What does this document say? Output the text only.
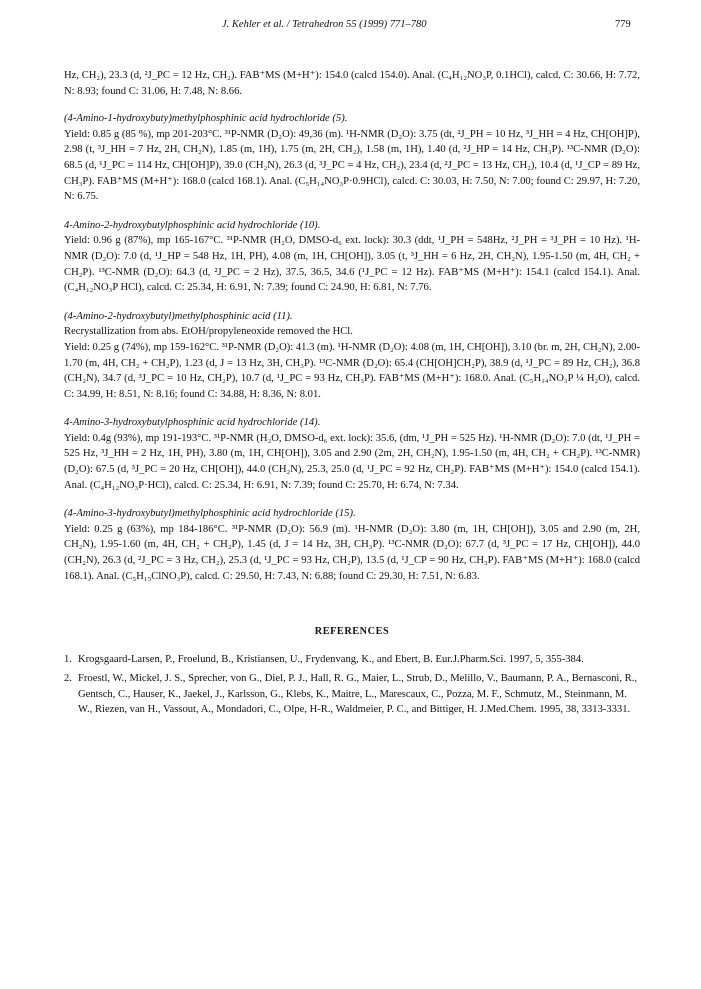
J. Kehler et al. / Tetrahedron 55 (1999) 771–780	779

Hz, CH₂), 23.3 (d, ²J_PC = 12 Hz, CH₂). FAB⁺MS (M+H⁺): 154.0 (calcd 154.0). Anal. (C₄H₁₂NO₃P, 0.1HCl), calcd. C: 30.66, H: 7.72, N: 8.93; found C: 31.06, H: 7.48, N: 8.66.

(4-Amino-1-hydroxybuty)methylphosphinic acid hydrochloride (5).

Yield: 0.85 g (85 %), mp 201-203°C. ³¹P-NMR (D₂O): 49,36 (m). ¹H-NMR (D₂O): 3.75 (dt, ²J_PH = 10 Hz, ³J_HH = 4 Hz, CH[OH]P), 2.98 (t, ³J_HH = 7 Hz, 2H, CH₂N), 1.85 (m, 1H), 1.75 (m, 2H, CH₂), 1.58 (m, 1H), 1.40 (d, ²J_HP = 14 Hz, CH₃P). ¹³C-NMR (D₂O): 68.5 (d, ¹J_PC = 114 Hz, CH[OH]P), 39.0 (CH₂N), 26.3 (d, ³J_PC = 4 Hz, CH₂), 23.4 (d, ²J_PC = 13 Hz, CH₂), 10.4 (d, ¹J_CP = 89 Hz, CH₃P). FAB⁺MS (M+H⁺): 168.0 (calcd 168.1). Anal. (C₅H₁₄NO₃P·0.9HCl), calcd. C: 30.03, H: 7.50, N: 7.00; found C: 29.97, H: 7.20, N: 6.75.

4-Amino-2-hydroxybutylphosphinic acid hydrochloride (10).

Yield: 0.96 g (87%), mp 165-167°C. ³¹P-NMR (H₂O, DMSO-d₆ ext. lock): 30.3 (ddt, ¹J_PH = 548Hz, ²J_PH = ³J_PH = 10 Hz). ¹H-NMR (D₂O): 7.0 (d, ¹J_HP = 548 Hz, 1H, PH), 4.08 (m, 1H, CH[OH]), 3.05 (t, ³J_HH = 6 Hz, 2H, CH₂N), 1.95-1.50 (m, 4H, CH₂ + CH₂P). ¹³C-NMR (D₂O): 64.3 (d, ²J_PC = 2 Hz), 37.5, 36.5, 34.6 (¹J_PC = 12 Hz). FAB⁺MS (M+H⁺): 154.1 (calcd 154.1). Anal. (C₄H₁₂NO₃P HCl), calcd. C: 25.34, H: 6.91, N: 7.39; found C: 24.90, H: 6.81, N: 7.76.

(4-Amino-2-hydroxybutyl)methylphosphinic acid (11).

Recrystallization from abs. EtOH/propyleneoxide removed the HCl.

Yield: 0.25 g (74%), mp 159-162°C. ³¹P-NMR (D₂O): 41.3 (m). ¹H-NMR (D₂O): 4.08 (m, 1H, CH[OH]), 3.10 (br. m, 2H, CH₂N), 2.00-1.70 (m, 4H, CH₂ + CH₂P), 1.23 (d, J = 13 Hz, 3H, CH₃P). ¹³C-NMR (D₂O): 65.4 (CH[OH]CH₂P), 38.9 (d, ¹J_PC = 89 Hz, CH₂), 36.8 (CH₂N), 34.7 (d, ³J_PC = 10 Hz, CH₂P), 10.7 (d, ¹J_PC = 93 Hz, CH₃P). FAB⁺MS (M+H⁺): 168.0. Anal. (C₅H₁₄NO₃P ¼ H₂O), calcd. C: 34.99, H: 8.51, N: 8.16; found C: 34.88, H: 8.36, N: 8.01.

4-Amino-3-hydroxybutylphosphinic acid hydrochloride (14).

Yield: 0.4g (93%), mp 191-193°C. ³¹P-NMR (H₂O, DMSO-d₆ ext. lock): 35.6, (dm, ¹J_PH = 525 Hz). ¹H-NMR (D₂O): 7.0 (dt, ¹J_PH = 525 Hz, ³J_HH = 2 Hz, 1H, PH), 3.80 (m, 1H, CH[OH]), 3.05 and 2.90 (2m, 2H, CH₂N), 1.95-1.50 (m, 4H, CH₂ + CH₂P). ¹³C-NMR) (D₂O): 67.5 (d, ³J_PC = 20 Hz, CH[OH]), 44.0 (CH₂N), 25.3, 25.0 (d, ¹J_PC = 92 Hz, CH₂P). FAB⁺MS (M+H⁺): 154.0 (calcd 154.1). Anal. (C₄H₁₂NO₃P·HCl), calcd. C: 25.34, H: 6.91, N: 7.39; found C: 25.70, H: 6.74, N: 7.34.

(4-Amino-3-hydroxybutyl)methylphosphinic acid hydrochloride (15).

Yield: 0.25 g (63%), mp 184-186°C. ³¹P-NMR (D₂O): 56.9 (m). ¹H-NMR (D₂O): 3.80 (m, 1H, CH[OH]), 3.05 and 2.90 (m, 2H, CH₂N), 1.95-1.60 (m, 4H, CH₂ + CH₂P), 1.45 (d, J = 14 Hz, 3H, CH₃P). ¹³C-NMR (D₂O): 67.7 (d, ³J_PC = 17 Hz, CH[OH]), 44.0 (CH₂N), 26.3 (d, ²J_PC = 3 Hz, CH₂), 25.3 (d, ¹J_PC = 93 Hz, CH₂P), 13.5 (d, ¹J_CP = 90 Hz, CH₃P). FAB⁺MS (M+H⁺): 168.0 (calcd 168.1). Anal. (C₅H₁₅ClNO₃P), calcd. C: 29.50, H: 7.43, N: 6.88; found C: 29.30, H: 7.51, N: 6.83.

REFERENCES
1. Krogsgaard-Larsen, P., Froelund, B., Kristiansen, U., Frydenvang, K., and Ebert, B. Eur.J.Pharm.Sci. 1997, 5, 355-384.
2. Froestl, W., Mickel, J. S., Sprecher, von G., Diel, P. J., Hall, R. G., Maier, L., Strub, D., Melillo, V., Baumann, P. A., Bernasconi, R., Gentsch, C., Hauser, K., Jaekel, J., Karlsson, G., Klebs, K., Maitre, L., Marescaux, C., Pozza, M. F., Schmutz, M., Steinmann, M. W., Riezen, van H., Vassout, A., Mondadori, C., Olpe, H-R., Waldmeier, P. C., and Bittiger, H. J.Med.Chem. 1995, 38, 3313-3331.
